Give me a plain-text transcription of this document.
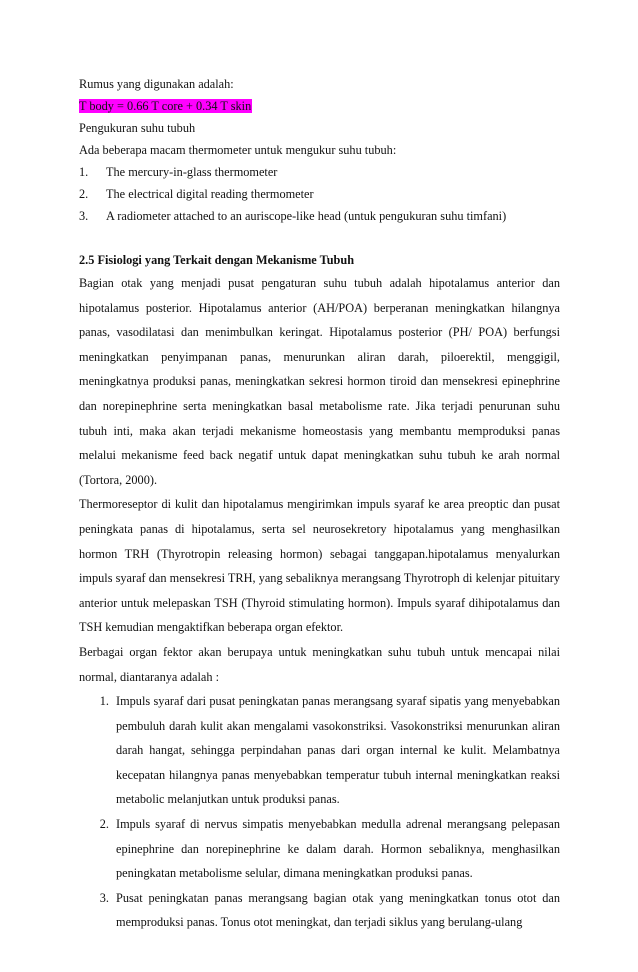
Rumus yang digunakan adalah:

T body = 0.66 T core + 0.34 T skin

Pengukuran suhu tubuh

Ada beberapa macam thermometer untuk mengukur suhu tubuh:

1.	The mercury-in-glass thermometer
2.	The electrical digital reading thermometer
3.	A radiometer attached to an auriscope-like head (untuk pengukuran suhu timfani)

2.5 Fisiologi yang Terkait dengan Mekanisme Tubuh

Bagian otak yang menjadi pusat pengaturan suhu tubuh adalah hipotalamus anterior dan hipotalamus posterior. Hipotalamus anterior (AH/POA) berperanan meningkatkan hilangnya panas, vasodilatasi dan menimbulkan keringat. Hipotalamus posterior (PH/ POA) berfungsi meningkatkan penyimpanan panas, menurunkan aliran darah, piloerektil, menggigil, meningkatnya produksi panas, meningkatkan sekresi hormon tiroid dan mensekresi epinephrine dan norepinephrine serta meningkatkan basal metabolisme rate. Jika terjadi penurunan suhu tubuh inti, maka akan terjadi mekanisme homeostasis yang membantu memproduksi panas melalui mekanisme feed back negatif untuk dapat meningkatkan suhu tubuh ke arah normal (Tortora, 2000).

Thermoreseptor di kulit dan hipotalamus mengirimkan impuls syaraf ke area preoptic dan pusat peningkata panas di hipotalamus, serta sel neurosekretory hipotalamus yang menghasilkan hormon TRH (Thyrotropin releasing hormon) sebagai tanggapan.hipotalamus menyalurkan impuls syaraf dan mensekresi TRH, yang sebaliknya merangsang Thyrotroph di kelenjar pituitary anterior untuk melepaskan TSH (Thyroid stimulating hormon). Impuls syaraf dihipotalamus dan TSH kemudian mengaktifkan beberapa organ efektor.

Berbagai organ fektor akan berupaya untuk meningkatkan suhu tubuh untuk mencapai nilai normal, diantaranya adalah :

1. Impuls syaraf dari pusat peningkatan panas merangsang syaraf sipatis yang menyebabkan pembuluh darah kulit akan mengalami vasokonstriksi. Vasokonstriksi menurunkan aliran darah hangat, sehingga perpindahan panas dari organ internal ke kulit. Melambatnya kecepatan hilangnya panas menyebabkan temperatur tubuh internal meningkatkan reaksi metabolic melanjutkan untuk produksi panas.
2. Impuls syaraf di nervus simpatis menyebabkan medulla adrenal merangsang pelepasan epinephrine dan norepinephrine ke dalam darah. Hormon sebaliknya, menghasilkan peningkatan metabolisme selular, dimana meningkatkan produksi panas.
3. Pusat peningkatan panas merangsang bagian otak yang meningkatkan tonus otot dan memproduksi panas. Tonus otot meningkat, dan terjadi siklus yang berulang-ulang
